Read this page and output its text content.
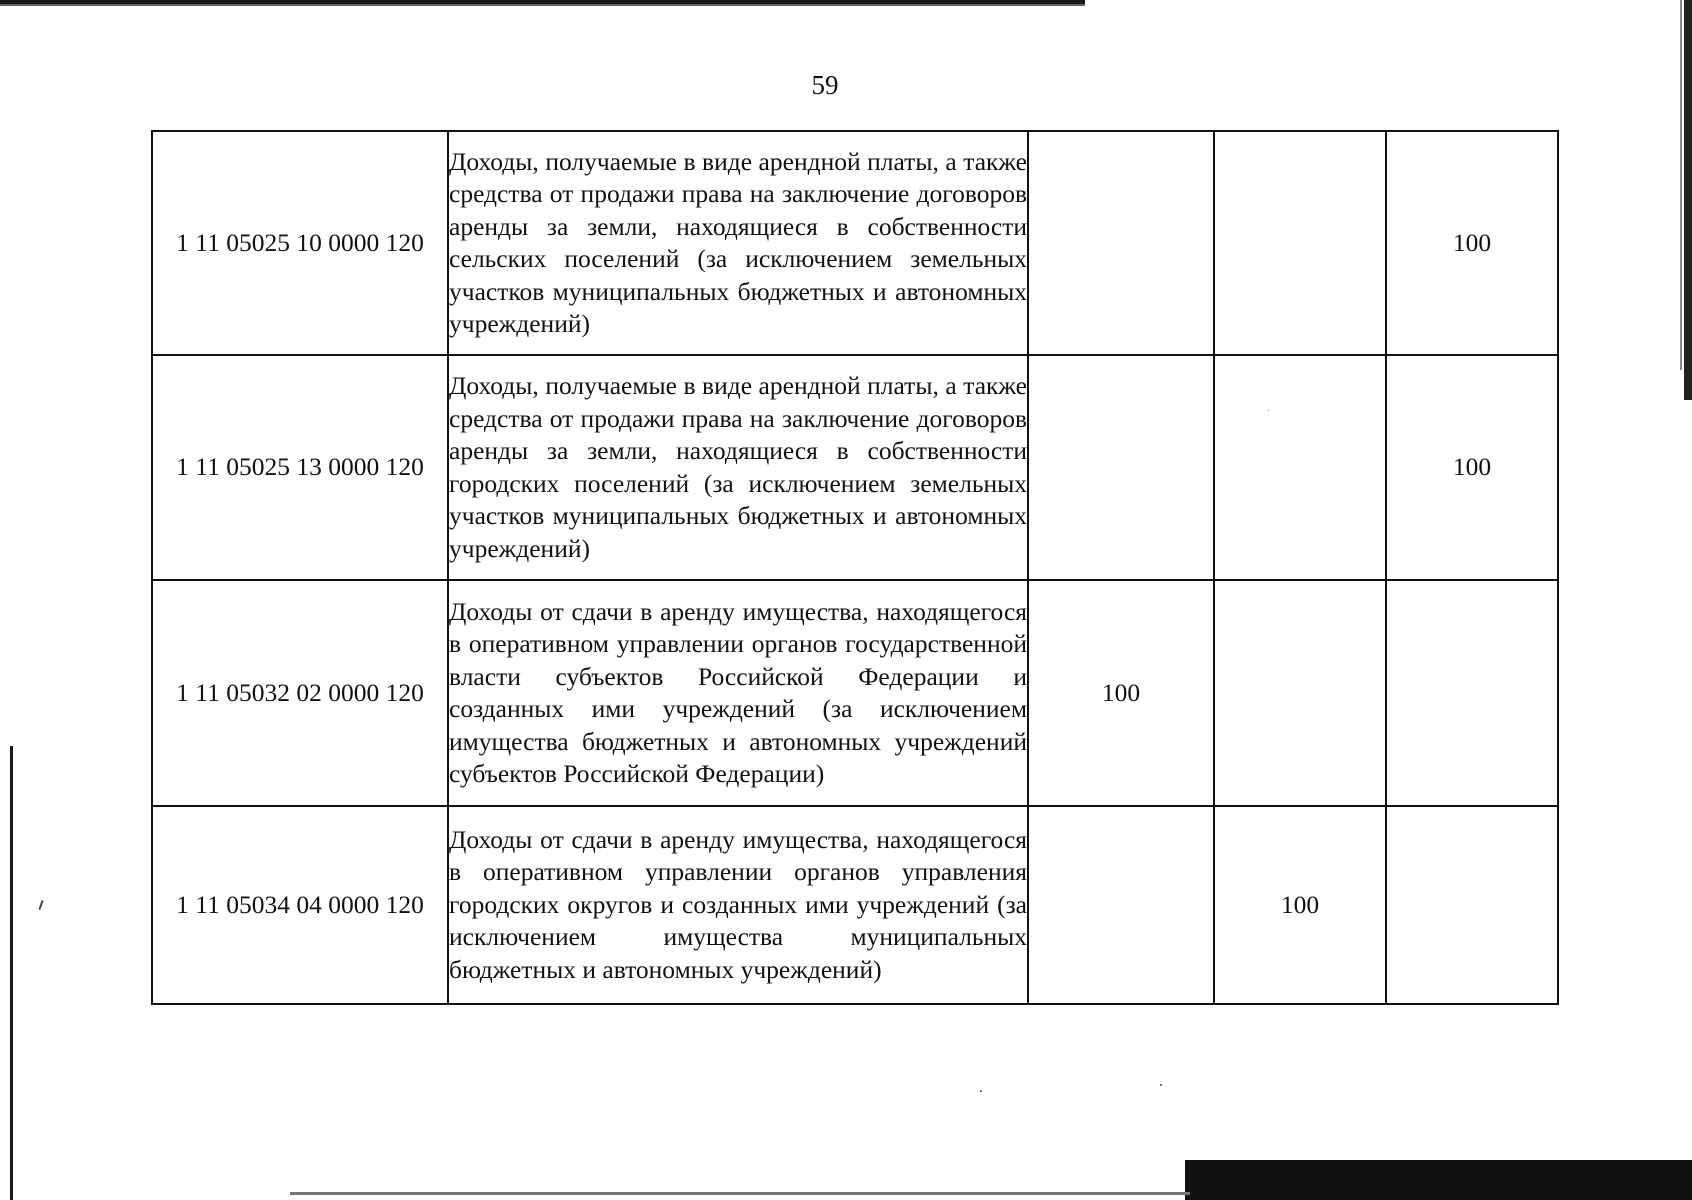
59
1 11 05025 10 0000 120	Доходы, получаемые в виде арендной платы, а также средства от продажи права на заключение договоров аренды за земли, находящиеся в собственности сельских поселений (за исключением земельных участков муниципальных бюджетных и автономных учреждений)			100
1 11 05025 13 0000 120	Доходы, получаемые в виде арендной платы, а также средства от продажи права на заключение договоров аренды за земли, находящиеся в собственности городских поселений (за исключением земельных участков муниципальных бюджетных и автономных учреждений)			100
1 11 05032 02 0000 120	Доходы от сдачи в аренду имущества, находящегося в оперативном управлении органов государственной власти субъектов Российской Федерации и созданных ими учреждений (за исключением имущества бюджетных и автономных учреждений субъектов Российской Федерации)	100		
1 11 05034 04 0000 120	Доходы от сдачи в аренду имущества, находящегося в оперативном управлении органов управления городских округов и созданных ими учреждений (за исключением имущества муниципальных бюджетных и автономных учреждений)		100	
